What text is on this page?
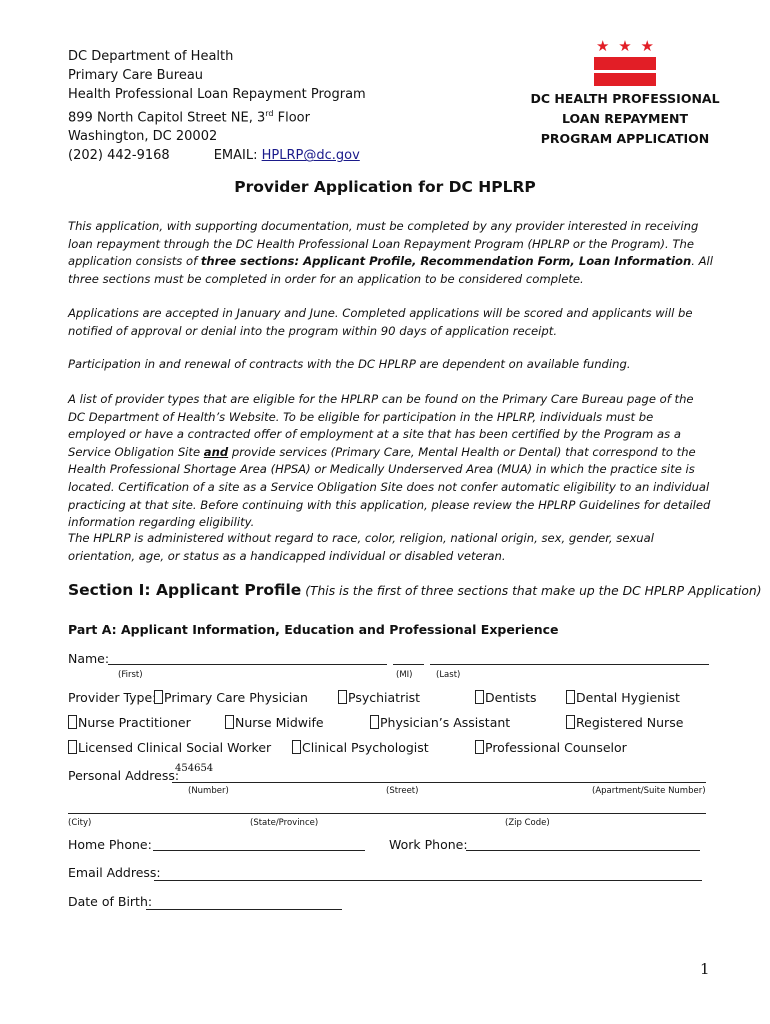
DC Department of Health
Primary Care Bureau
Health Professional Loan Repayment Program
899 North Capitol Street NE, 3rd Floor
Washington, DC 20002
(202) 442-9168	EMAIL: HPLRP@dc.gov
★ ★ ★
DC HEALTH PROFESSIONAL
LOAN REPAYMENT
PROGRAM APPLICATION
Provider Application for DC HPLRP
This application, with supporting documentation, must be completed by any provider interested in receiving loan repayment through the DC Health Professional Loan Repayment Program (HPLRP or the Program). The application consists of three sections: Applicant Profile, Recommendation Form, Loan Information. All three sections must be completed in order for an application to be considered complete.
Applications are accepted in January and June. Completed applications will be scored and applicants will be notified of approval or denial into the program within 90 days of application receipt.
Participation in and renewal of contracts with the DC HPLRP are dependent on available funding.
A list of provider types that are eligible for the HPLRP can be found on the Primary Care Bureau page of the DC Department of Health’s Website. To be eligible for participation in the HPLRP, individuals must be employed or have a contracted offer of employment at a site that has been certified by the Program as a Service Obligation Site and provide services (Primary Care, Mental Health or Dental) that correspond to the Health Professional Shortage Area (HPSA) or Medically Underserved Area (MUA) in which the practice site is located. Certification of a site as a Service Obligation Site does not confer automatic eligibility to an individual practicing at that site. Before continuing with this application, please review the HPLRP Guidelines for detailed information regarding eligibility.
The HPLRP is administered without regard to race, color, religion, national origin, sex, gender, sexual orientation, age, or status as a handicapped individual or disabled veteran.
Section I: Applicant Profile (This is the first of three sections that make up the DC HPLRP Application)
Part A: Applicant Information, Education and Professional Experience
Name:
(First)	(MI)	(Last)
Provider Type: Primary Care Physician	Psychiatrist	Dentists	Dental Hygienist
Nurse Practitioner	Nurse Midwife	Physician’s Assistant	Registered Nurse
Licensed Clinical Social Worker	Clinical Psychologist	Professional Counselor
Personal Address:
454654
(Number)	(Street)	(Apartment/Suite Number)
(City)	(State/Province)	(Zip Code)
Home Phone:	Work Phone:
Email Address:
Date of Birth:
1
